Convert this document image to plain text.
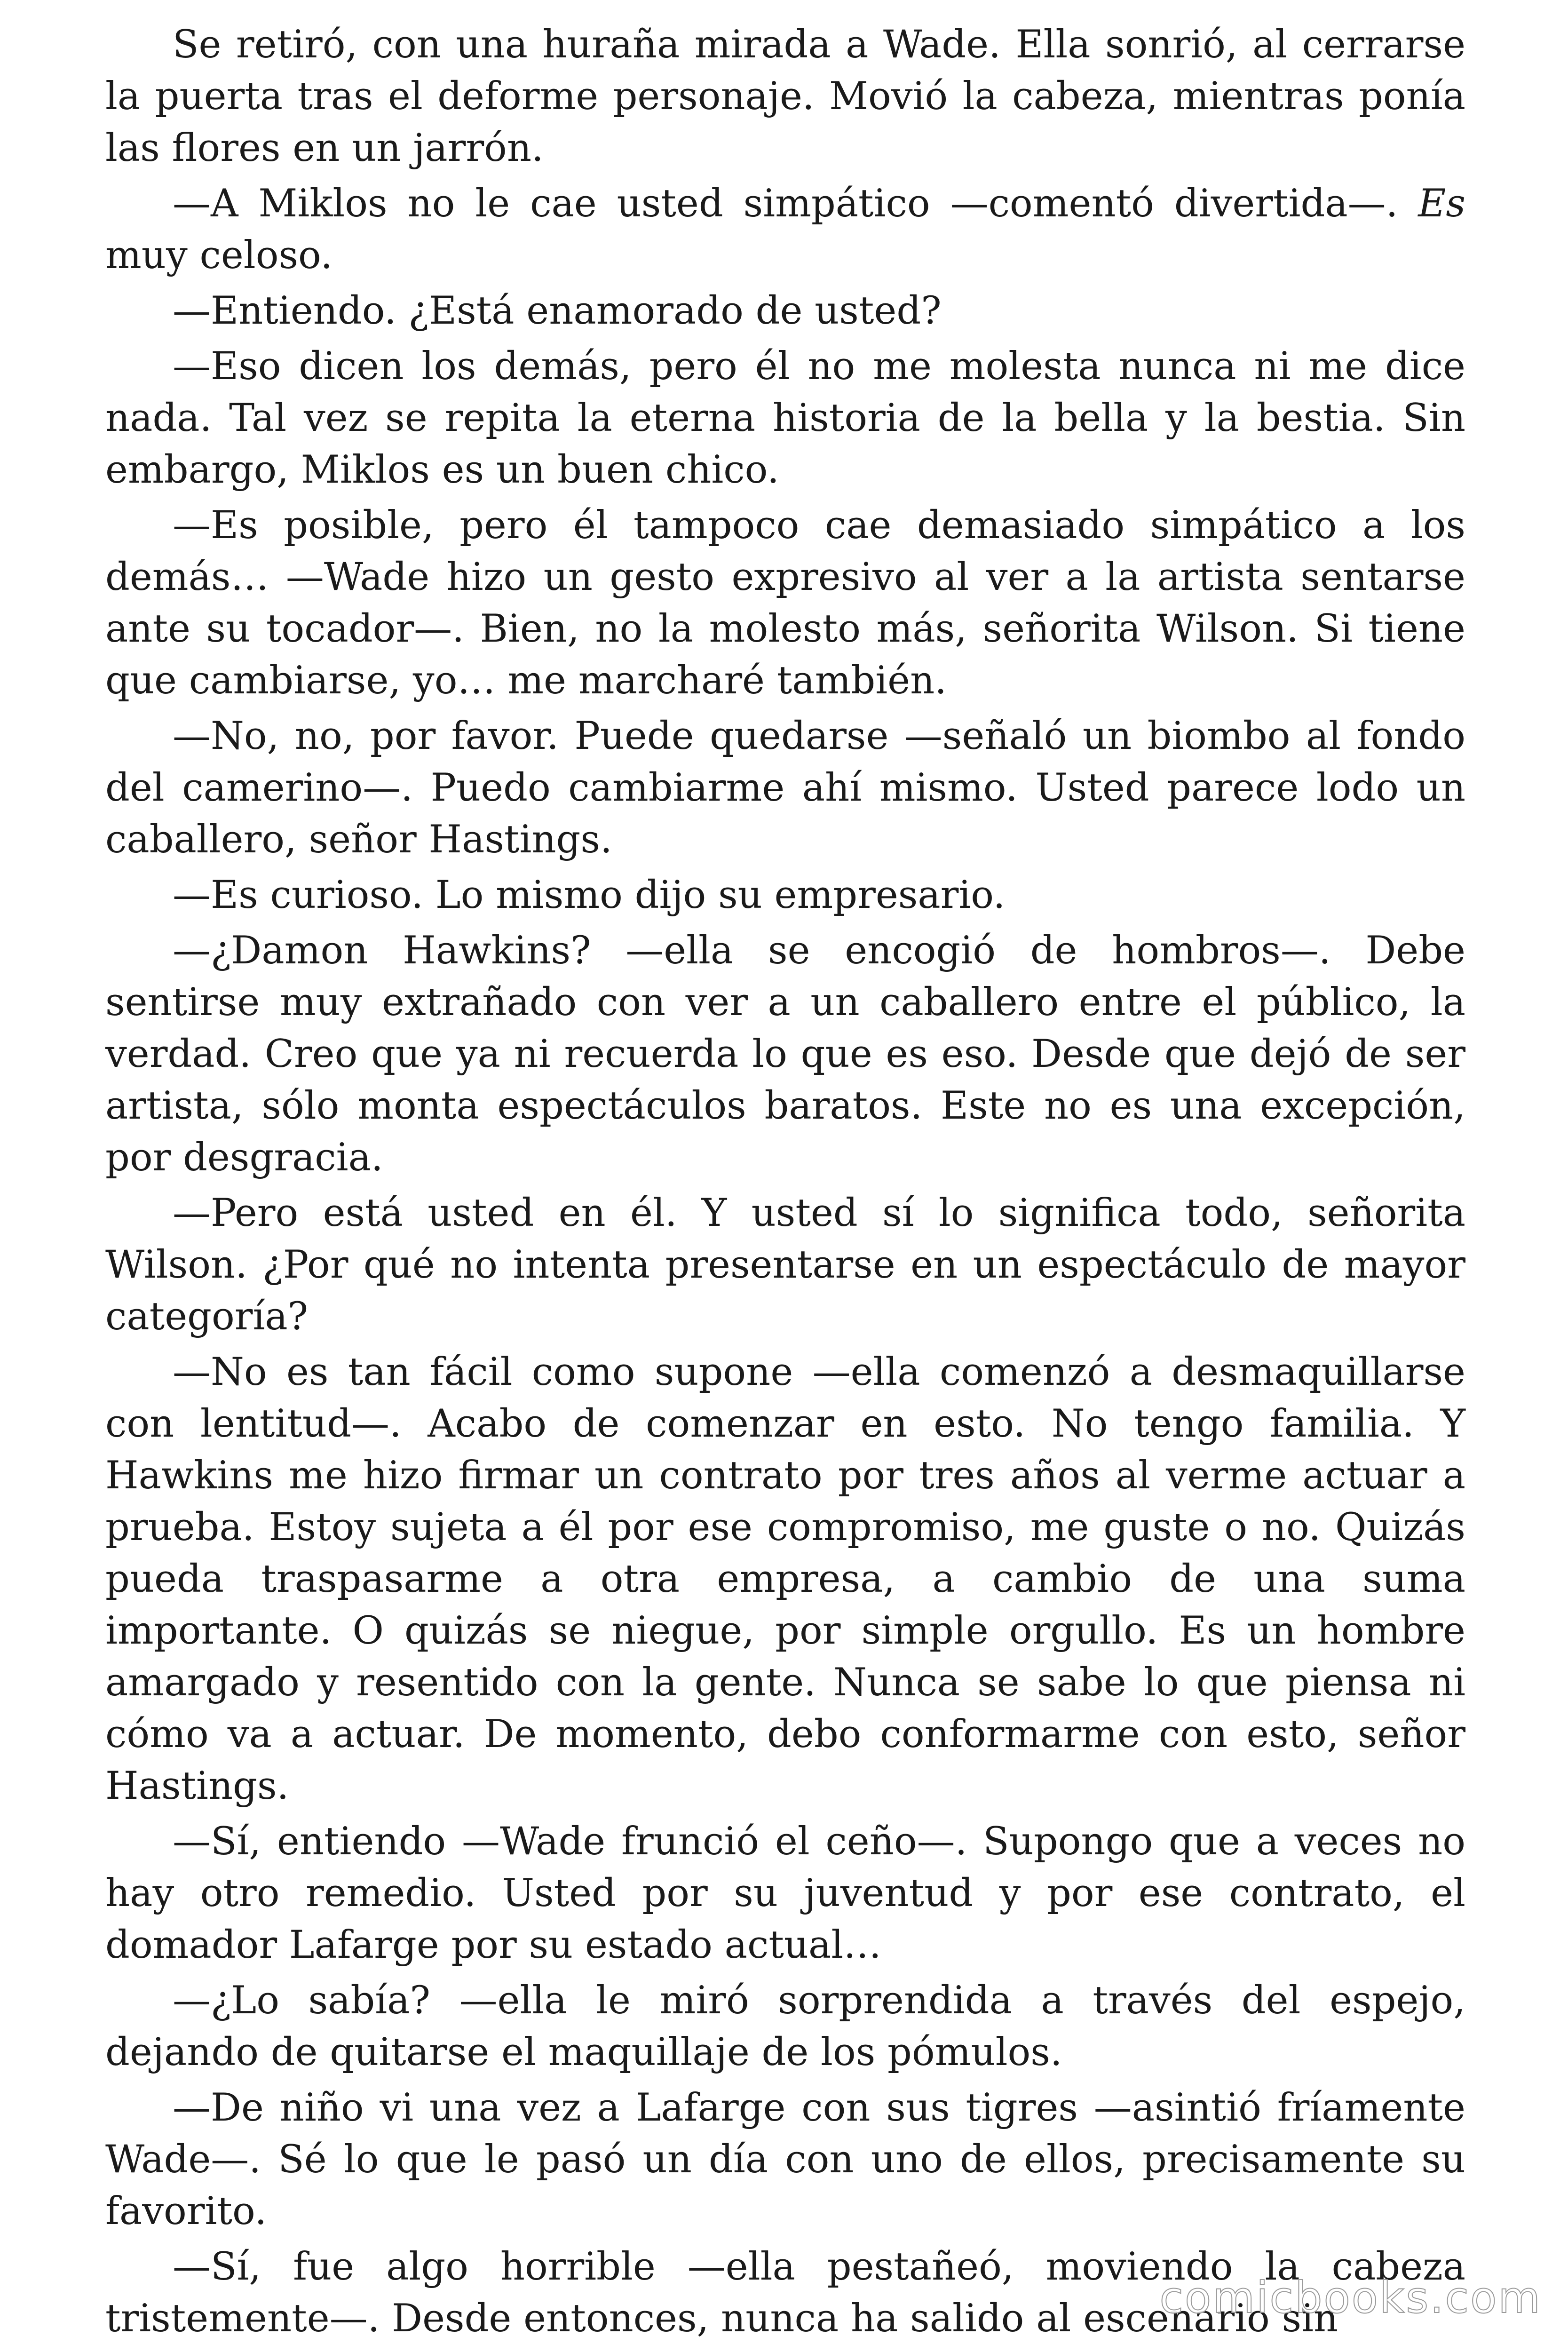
Se retiró, con una huraña mirada a Wade. Ella sonrió, al cerrarse la puerta tras el deforme personaje. Movió la cabeza, mientras ponía las flores en un jarrón.

—A Miklos no le cae usted simpático —comentó divertida—. Es muy celoso.

—Entiendo. ¿Está enamorado de usted?

—Eso dicen los demás, pero él no me molesta nunca ni me dice nada. Tal vez se repita la eterna historia de la bella y la bestia. Sin embargo, Miklos es un buen chico.

—Es posible, pero él tampoco cae demasiado simpático a los demás… —Wade hizo un gesto expresivo al ver a la artista sentarse ante su tocador—. Bien, no la molesto más, señorita Wilson. Si tiene que cambiarse, yo… me marcharé también.

—No, no, por favor. Puede quedarse —señaló un biombo al fondo del camerino—. Puedo cambiarme ahí mismo. Usted parece lodo un caballero, señor Hastings.

—Es curioso. Lo mismo dijo su empresario.

—¿Damon Hawkins? —ella se encogió de hombros—. Debe sentirse muy extrañado con ver a un caballero entre el público, la verdad. Creo que ya ni recuerda lo que es eso. Desde que dejó de ser artista, sólo monta espectáculos baratos. Este no es una excepción, por desgracia.

—Pero está usted en él. Y usted sí lo significa todo, señorita Wilson. ¿Por qué no intenta presentarse en un espectáculo de mayor categoría?

—No es tan fácil como supone —ella comenzó a desmaquillarse con lentitud—. Acabo de comenzar en esto. No tengo familia. Y Hawkins me hizo firmar un contrato por tres años al verme actuar a prueba. Estoy sujeta a él por ese compromiso, me guste o no. Quizás pueda traspasarme a otra empresa, a cambio de una suma importante. O quizás se niegue, por simple orgullo. Es un hombre amargado y resentido con la gente. Nunca se sabe lo que piensa ni cómo va a actuar. De momento, debo conformarme con esto, señor Hastings.

—Sí, entiendo —Wade frunció el ceño—. Supongo que a veces no hay otro remedio. Usted por su juventud y por ese contrato, el domador Lafarge por su estado actual…

—¿Lo sabía? —ella le miró sorprendida a través del espejo, dejando de quitarse el maquillaje de los pómulos.

—De niño vi una vez a Lafarge con sus tigres —asintió fríamente Wade—. Sé lo que le pasó un día con uno de ellos, precisamente su favorito.

—Sí, fue algo horrible —ella pestañeó, moviendo la cabeza tristemente—. Desde entonces, nunca ha salido al escenario sin

comicbooks.com
